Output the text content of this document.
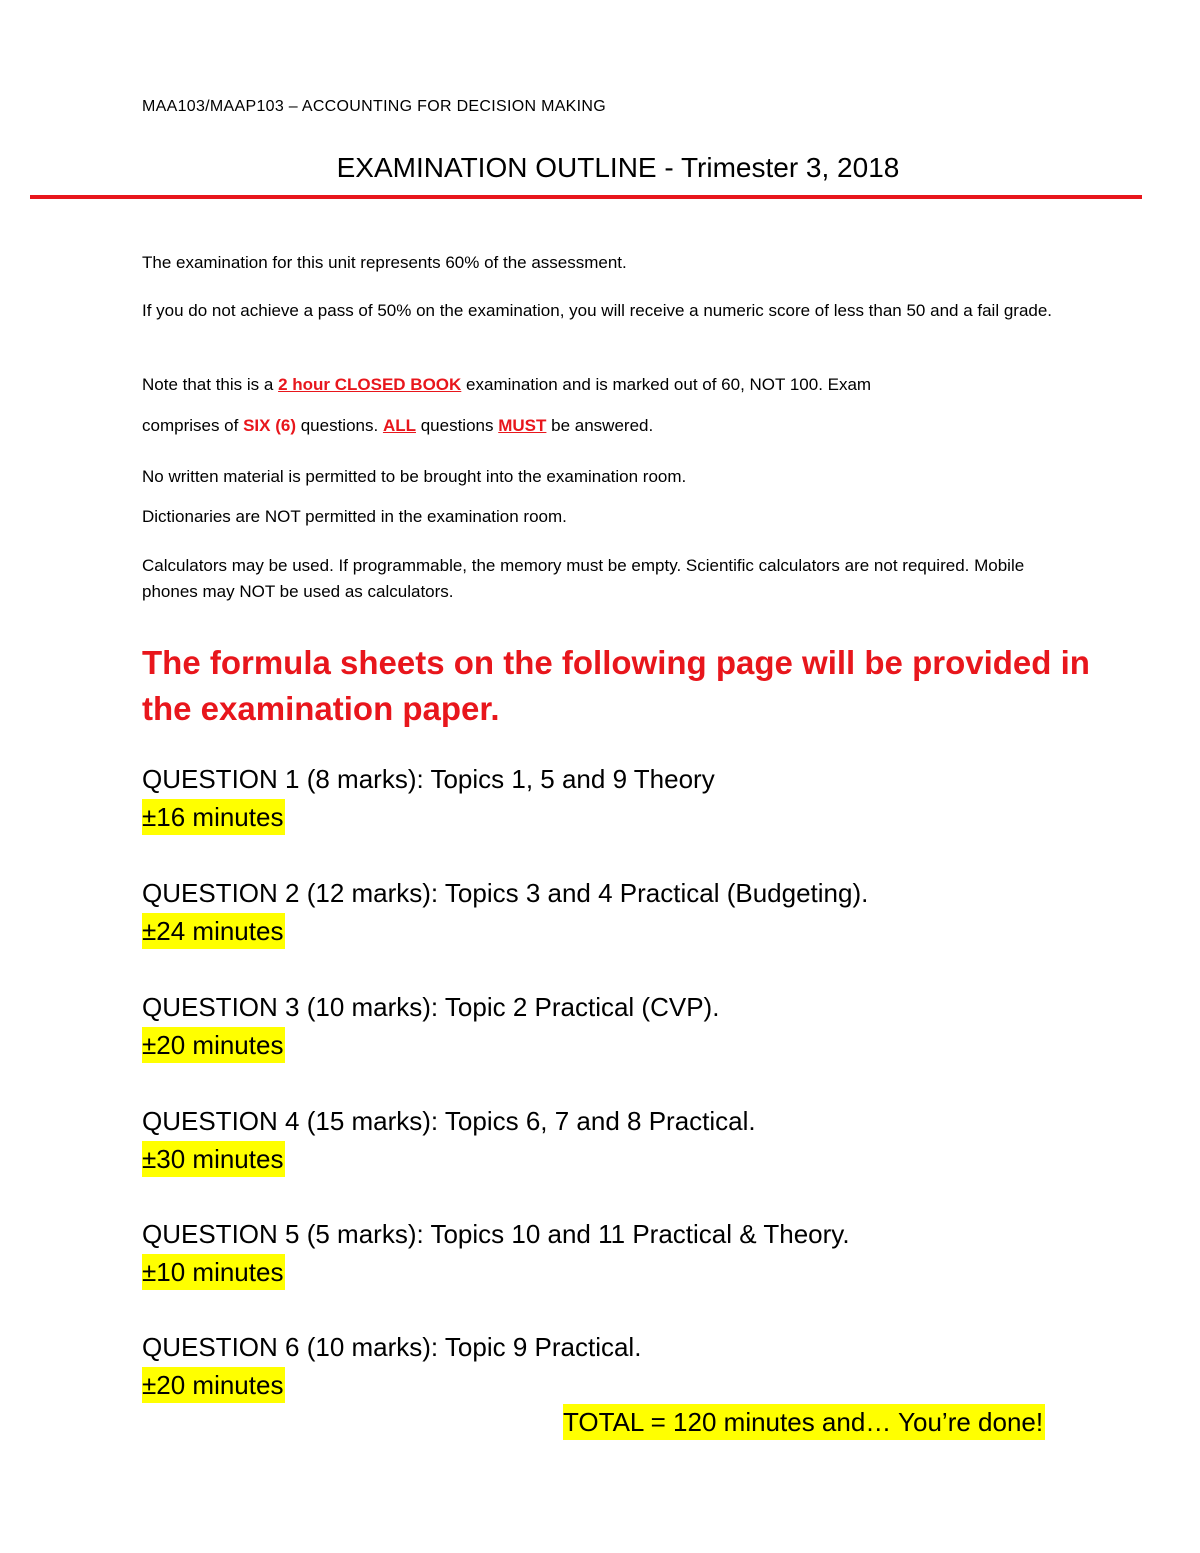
MAA103/MAAP103 – ACCOUNTING FOR DECISION MAKING
EXAMINATION OUTLINE - Trimester 3, 2018
The examination for this unit represents 60% of the assessment.
If you do not achieve a pass of 50% on the examination, you will receive a numeric score of less than 50 and a fail grade.
Note that this is a 2 hour CLOSED BOOK examination and is marked out of 60, NOT 100. Exam
comprises of SIX (6) questions. ALL questions MUST be answered.
No written material is permitted to be brought into the examination room.
Dictionaries are NOT permitted in the examination room.
Calculators may be used. If programmable, the memory must be empty. Scientific calculators are not required. Mobile phones may NOT be used as calculators.
The formula sheets on the following page will be provided in the examination paper.
QUESTION 1 (8 marks): Topics 1, 5 and 9 Theory
±16 minutes
QUESTION 2 (12 marks): Topics 3 and 4 Practical (Budgeting).
±24 minutes
QUESTION 3 (10 marks): Topic 2 Practical (CVP).
±20 minutes
QUESTION 4 (15 marks): Topics 6, 7 and 8 Practical.
±30 minutes
QUESTION 5 (5 marks): Topics 10 and 11 Practical & Theory.
±10 minutes
QUESTION 6 (10 marks): Topic 9 Practical.
±20 minutes
TOTAL = 120 minutes and… You’re done!
